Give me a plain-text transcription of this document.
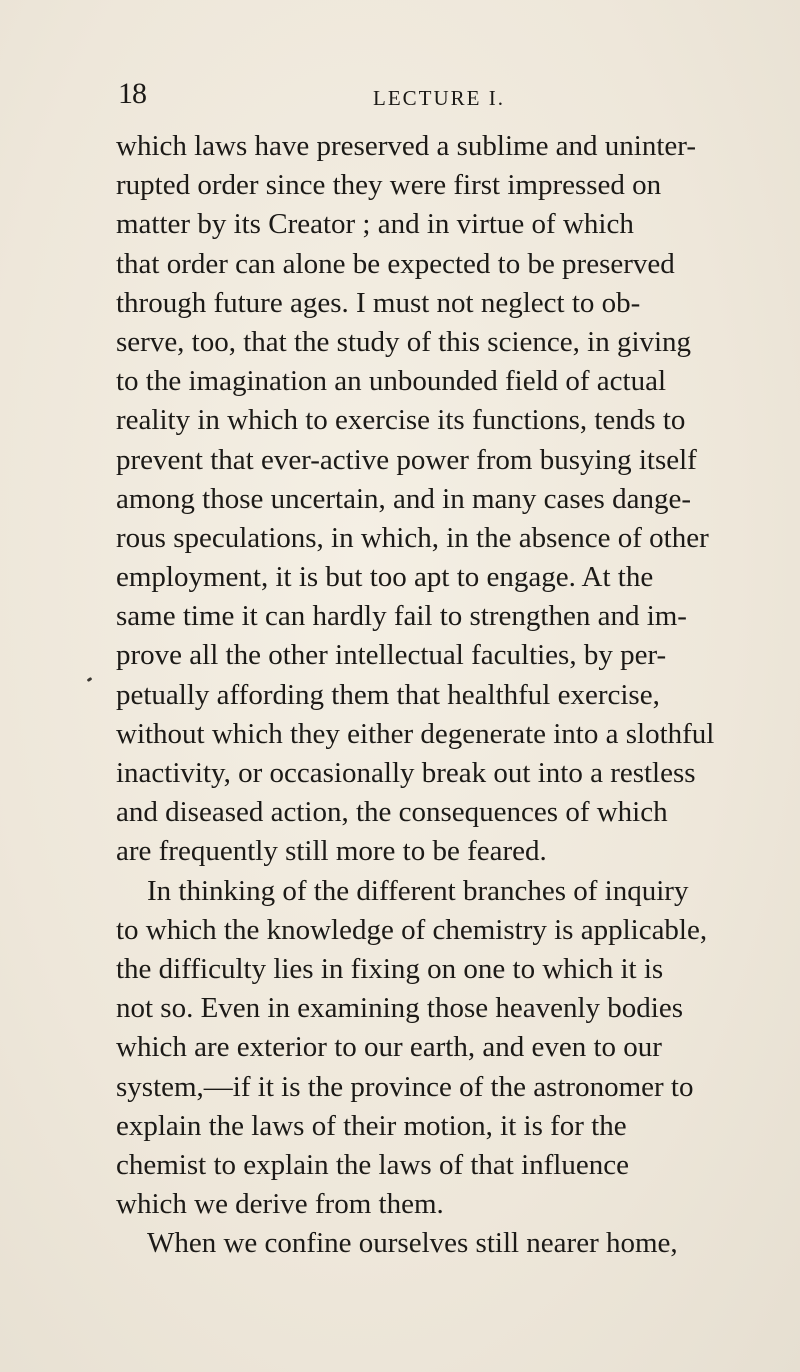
18	LECTURE I.
which laws have preserved a sublime and uninter-
rupted order since they were first impressed on
matter by its Creator ; and in virtue of which
that order can alone be expected to be preserved
through future ages. I must not neglect to ob-
serve, too, that the study of this science, in giving
to the imagination an unbounded field of actual
reality in which to exercise its functions, tends to
prevent that ever-active power from busying itself
among those uncertain, and in many cases dange-
rous speculations, in which, in the absence of other
employment, it is but too apt to engage. At the
same time it can hardly fail to strengthen and im-
prove all the other intellectual faculties, by per-
petually affording them that healthful exercise,
without which they either degenerate into a slothful
inactivity, or occasionally break out into a restless
and diseased action, the consequences of which
are frequently still more to be feared.
In thinking of the different branches of inquiry
to which the knowledge of chemistry is applicable,
the difficulty lies in fixing on one to which it is
not so. Even in examining those heavenly bodies
which are exterior to our earth, and even to our
system,—if it is the province of the astronomer to
explain the laws of their motion, it is for the
chemist to explain the laws of that influence
which we derive from them.
When we confine ourselves still nearer home,
